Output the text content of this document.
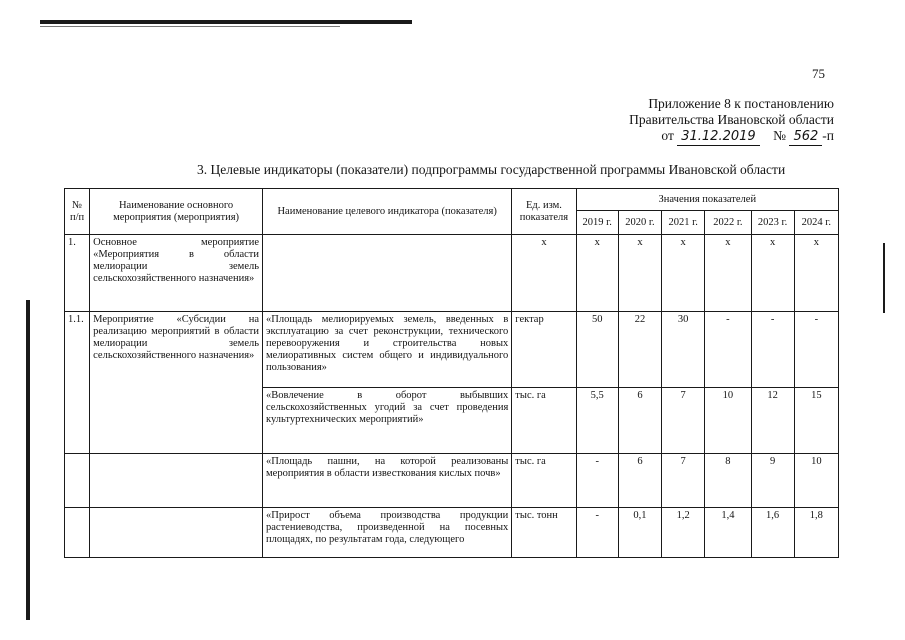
75
Приложение 8 к постановлению
Правительства Ивановской области
от 31.12.2019 № 562 -п
3. Целевые индикаторы (показатели) подпрограммы государственной программы Ивановской области
№ п/п	Наименование основного мероприятия (мероприятия)	Наименование целевого индикатора (показателя)	Ед. изм. показателя	Значения показателей					
				2019 г.	2020 г.	2021 г.	2022 г.	2023 г.	2024 г.
1.	Основное мероприятие «Мероприятия в области мелиорации земель сельскохозяйственного назначения»		х	х	х	х	х	х	х
1.1.	Мероприятие «Субсидии на реализацию мероприятий в области мелиорации земель сельскохозяйственного назначения»	«Площадь мелиорируемых земель, введенных в эксплуатацию за счет реконструкции, технического перевооружения и строительства новых мелиоративных систем общего и индивидуального пользования»	гектар	50	22	30	-	-	-
		«Вовлечение в оборот выбывших сельскохозяйственных угодий за счет проведения культуртехнических мероприятий»	тыс. га	5,5	6	7	10	12	15
		«Площадь пашни, на которой реализованы мероприятия в области известкования кислых почв»	тыс. га	-	6	7	8	9	10
		«Прирост объема производства продукции растениеводства, произведенной на посевных площадях, по результатам года, следующего	тыс. тонн	-	0,1	1,2	1,4	1,6	1,8
